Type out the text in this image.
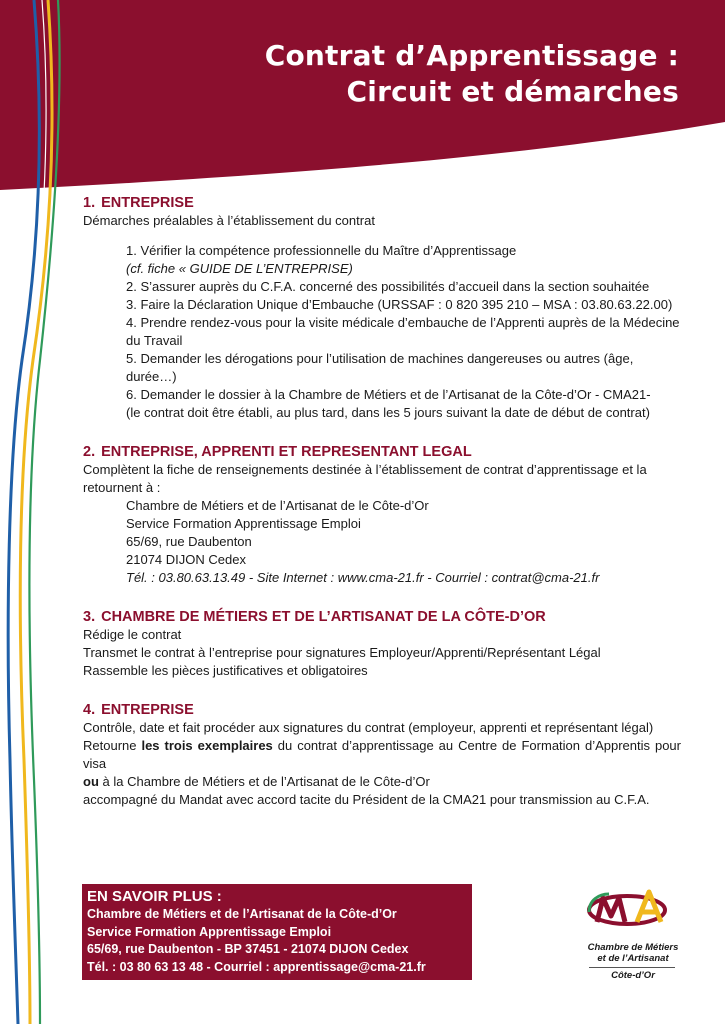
Contrat d’Apprentissage :
Circuit et démarches
1. ENTREPRISE

Démarches préalables à l’établissement du contrat

1. Vérifier la compétence professionnelle du Maître d’Apprentissage

(cf. fiche « GUIDE DE L’ENTREPRISE)

2. S’assurer auprès du C.F.A. concerné des possibilités d’accueil dans la section souhaitée

3. Faire la Déclaration Unique d’Embauche (URSSAF : 0 820 395 210 – MSA : 03.80.63.22.00)

4. Prendre rendez-vous pour la visite médicale d’embauche de l’Apprenti auprès de la Médecine du Travail

5. Demander les dérogations pour l’utilisation de machines dangereuses ou autres (âge, durée…)

6. Demander le dossier à la Chambre de Métiers et de l’Artisanat de la Côte-d’Or - CMA21-

(le contrat doit être établi, au plus tard, dans les 5 jours suivant la date de début de contrat)

2. ENTREPRISE, APPRENTI ET REPRESENTANT LEGAL

Complètent la fiche de renseignements destinée à l’établissement de contrat d’apprentissage et la retournent à :

Chambre de Métiers et de l’Artisanat de le Côte-d’Or

Service Formation Apprentissage Emploi

65/69, rue Daubenton

21074 DIJON Cedex

Tél. : 03.80.63.13.49 - Site Internet : www.cma-21.fr - Courriel : contrat@cma-21.fr

3. CHAMBRE DE MÉTIERS ET DE L’ARTISANAT DE LA CÔTE-D’OR

Rédige le contrat

Transmet le contrat à l’entreprise pour signatures Employeur/Apprenti/Représentant Légal

Rassemble les pièces justificatives et obligatoires

4. ENTREPRISE

Contrôle, date et fait procéder aux signatures du contrat (employeur, apprenti et représentant légal)

Retourne les trois exemplaires du contrat d’apprentissage au Centre de Formation d’Apprentis pour visa

ou à la Chambre de Métiers et de l’Artisanat de le Côte-d’Or

accompagné du Mandat avec accord tacite du Président de la CMA21 pour transmission au C.F.A.

EN SAVOIR PLUS :
Chambre de Métiers et de l’Artisanat de la Côte-d’Or
Service Formation Apprentissage Emploi
65/69, rue Daubenton - BP 37451 - 21074 DIJON Cedex
Tél. : 03 80 63 13 48 - Courriel : apprentissage@cma-21.fr
Chambre de Métiers
et de l’Artisanat
Côte-d’Or
